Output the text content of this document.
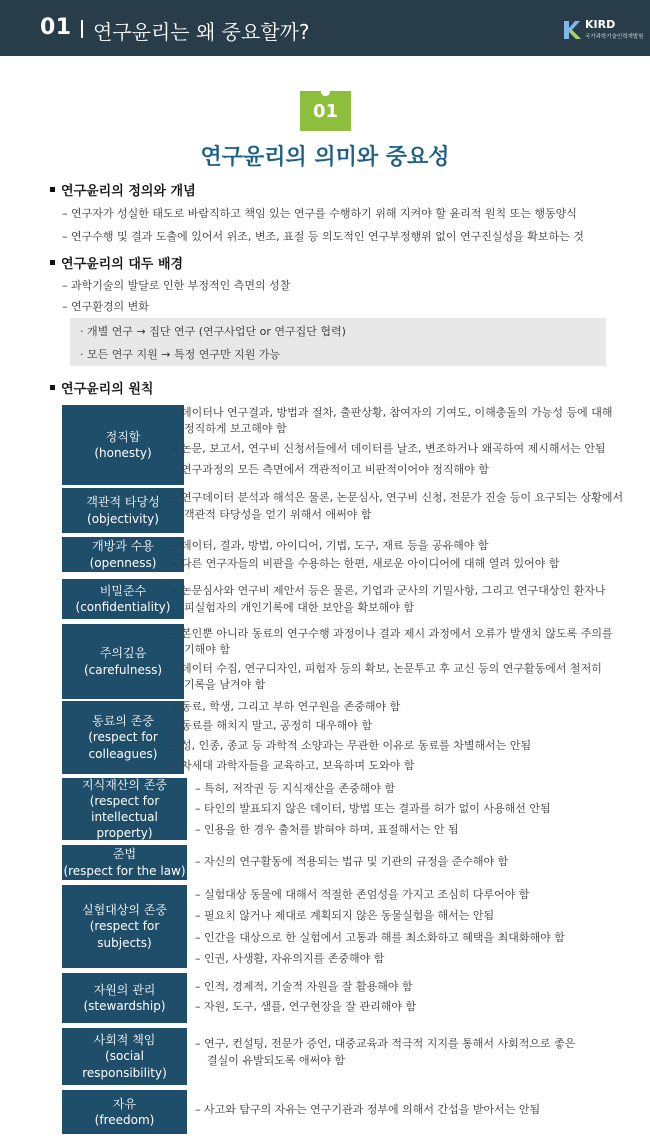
01 연구윤리는 왜 중요할까?	KIRD
국가과학기술인력개발원
01
연구윤리의 의미와 중요성
연구윤리의 정의와 개념
– 연구자가 성실한 태도로 바람직하고 책임 있는 연구를 수행하기 위해 지켜야 할 윤리적 원칙 또는 행동양식
– 연구수행 및 결과 도출에 있어서 위조, 변조, 표절 등 의도적인 연구부정행위 없이 연구진실성을 확보하는 것
연구윤리의 대두 배경
– 과학기술의 발달로 인한 부정적인 측면의 성찰
– 연구환경의 변화
· 개별 연구 → 집단 연구 (연구사업단 or 연구집단 협력)
· 모든 연구 지원 → 특정 연구만 지원 가능
연구윤리의 원칙
정직함
(honesty)
– 데이터나 연구결과, 방법과 절차, 출판상황, 참여자의 기여도, 이해충돌의 가능성 등에 대해
정직하게 보고해야 함
– 논문, 보고서, 연구비 신청서들에서 데이터를 날조, 변조하거나 왜곡하여 제시해서는 안됨
– 연구과정의 모든 측면에서 객관적이고 비판적이어야 정직해야 함
객관적 타당성
(objectivity)
– 연구데이터 분석과 해석은 물론, 논문심사, 연구비 신청, 전문가 진술 등이 요구되는 상황에서
객관적 타당성을 얻기 위해서 애써야 함
개방과 수용
(openness)
– 데이터, 결과, 방법, 아이디어, 기법, 도구, 재료 등을 공유해야 함
– 다른 연구자들의 비판을 수용하는 한편, 새로운 아이디어에 대해 열려 있어야 함
비밀준수
(confidentiality)
– 논문심사와 연구비 제안서 등은 물론, 기업과 군사의 기밀사항, 그리고 연구대상인 환자나
피실험자의 개인기록에 대한 보안을 확보해야 함
주의깊음
(carefulness)
– 본인뿐 아니라 동료의 연구수행 과정이나 결과 제시 과정에서 오류가 발생치 않도록 주의를
기해야 함
– 데이터 수집, 연구디자인, 피험자 등의 확보, 논문투고 후 교신 등의 연구활동에서 철저히
기록을 남겨야 함
동료의 존중
(respect for
colleagues)
– 동료, 학생, 그리고 부하 연구원을 존중해야 함
– 동료를 해치지 말고, 공정히 대우해야 함
– 성, 인종, 종교 등 과학적 소양과는 무관한 이유로 동료를 차별해서는 안됨
– 차세대 과학자들을 교육하고, 보육하며 도와야 함
지식재산의 존중
(respect for
intellectual property)
– 특허, 저작권 등 지식재산을 존중해야 함
– 타인의 발표되지 않은 데이터, 방법 또는 결과를 허가 없이 사용해선 안됨
– 인용을 한 경우 출처를 밝혀야 하며, 표절해서는 안 됨
준법
(respect for the law)
– 자신의 연구활동에 적용되는 법규 및 기관의 규정을 준수해야 함
실험대상의 존중
(respect for
subjects)
– 실험대상 동물에 대해서 적절한 존엄성을 가지고 조심히 다루어야 함
– 필요치 않거나 제대로 계획되지 않은 동물실험을 해서는 안됨
– 인간을 대상으로 한 실험에서 고통과 해를 최소화하고 혜택을 최대화해야 함
– 인권, 사생활, 자유의지를 존중해야 함
자원의 관리
(stewardship)
– 인적, 경제적, 기술적 자원을 잘 활용해야 함
– 자원, 도구, 샘플, 연구현장을 잘 관리해야 함
사회적 책임
(social
responsibility)
– 연구, 컨설팅, 전문가 증언, 대중교육과 적극적 지지를 통해서 사회적으로 좋은
결실이 유발되도록 애써야 함
자유
(freedom)
– 사고와 탐구의 자유는 연구기관과 정부에 의해서 간섭을 받아서는 안됨
